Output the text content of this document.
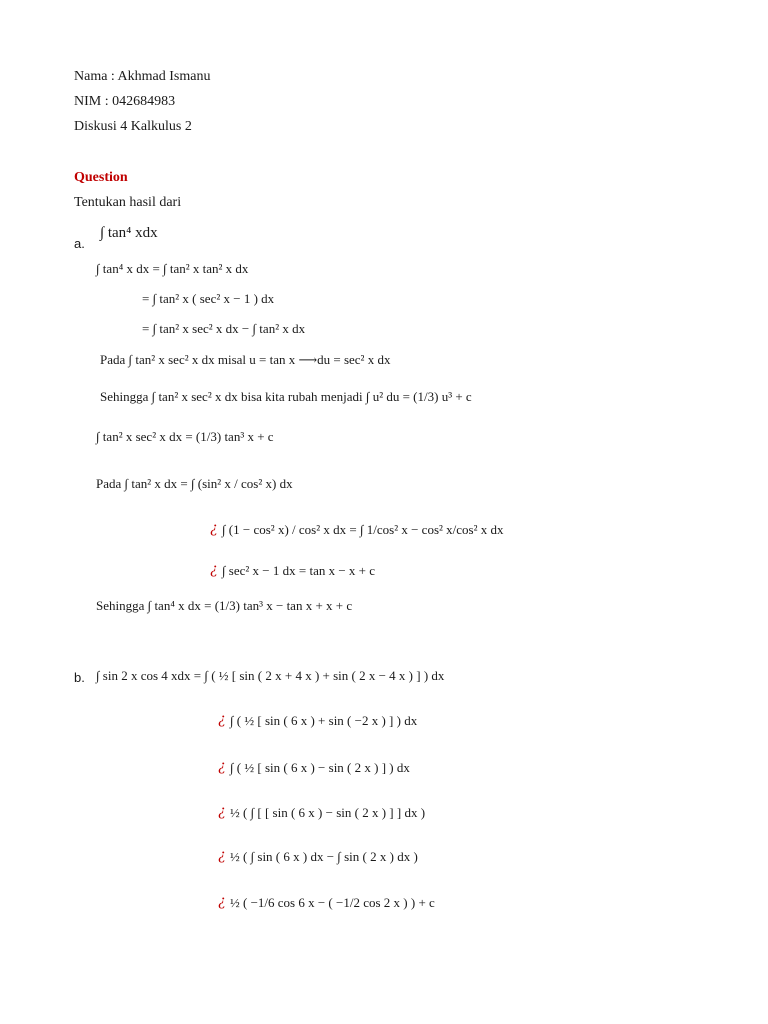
Nama : Akhmad Ismanu
NIM : 042684983
Diskusi 4 Kalkulus 2
Question
Tentukan hasil dari
a.
∫ tan⁴ xdx
∫ tan⁴ x dx = ∫ tan² x tan² x dx
= ∫ tan² x ( sec² x − 1 ) dx
= ∫ tan² x sec² x dx − ∫ tan² x dx
Pada ∫ tan² x sec² x dx misal u = tan x ⟶du = sec² x dx
Sehingga ∫ tan² x sec² x dx bisa kita rubah menjadi ∫ u² du = (1/3) u³ + c
∫ tan² x sec² x dx = (1/3) tan³ x + c
Pada ∫ tan² x dx = ∫ (sin² x / cos² x) dx
¿ ∫ (1 − cos² x) / cos² x dx = ∫ 1/cos² x − cos² x/cos² x dx
¿ ∫ sec² x − 1 dx = tan x − x + c
Sehingga ∫ tan⁴ x dx = (1/3) tan³ x − tan x + x + c
b. ∫ sin 2 x cos 4 xdx = ∫ ( ½ [ sin ( 2 x + 4 x ) + sin ( 2 x − 4 x ) ] ) dx
¿ ∫ ( ½ [ sin ( 6 x ) + sin ( −2 x ) ] ) dx
¿ ∫ ( ½ [ sin ( 6 x ) − sin ( 2 x ) ] ) dx
¿ ½ ( ∫ [ [ sin ( 6 x ) − sin ( 2 x ) ] ] dx )
¿ ½ ( ∫ sin ( 6 x ) dx − ∫ sin ( 2 x ) dx )
¿ ½ ( −1/6 cos 6 x − ( −1/2 cos 2 x ) ) + c
